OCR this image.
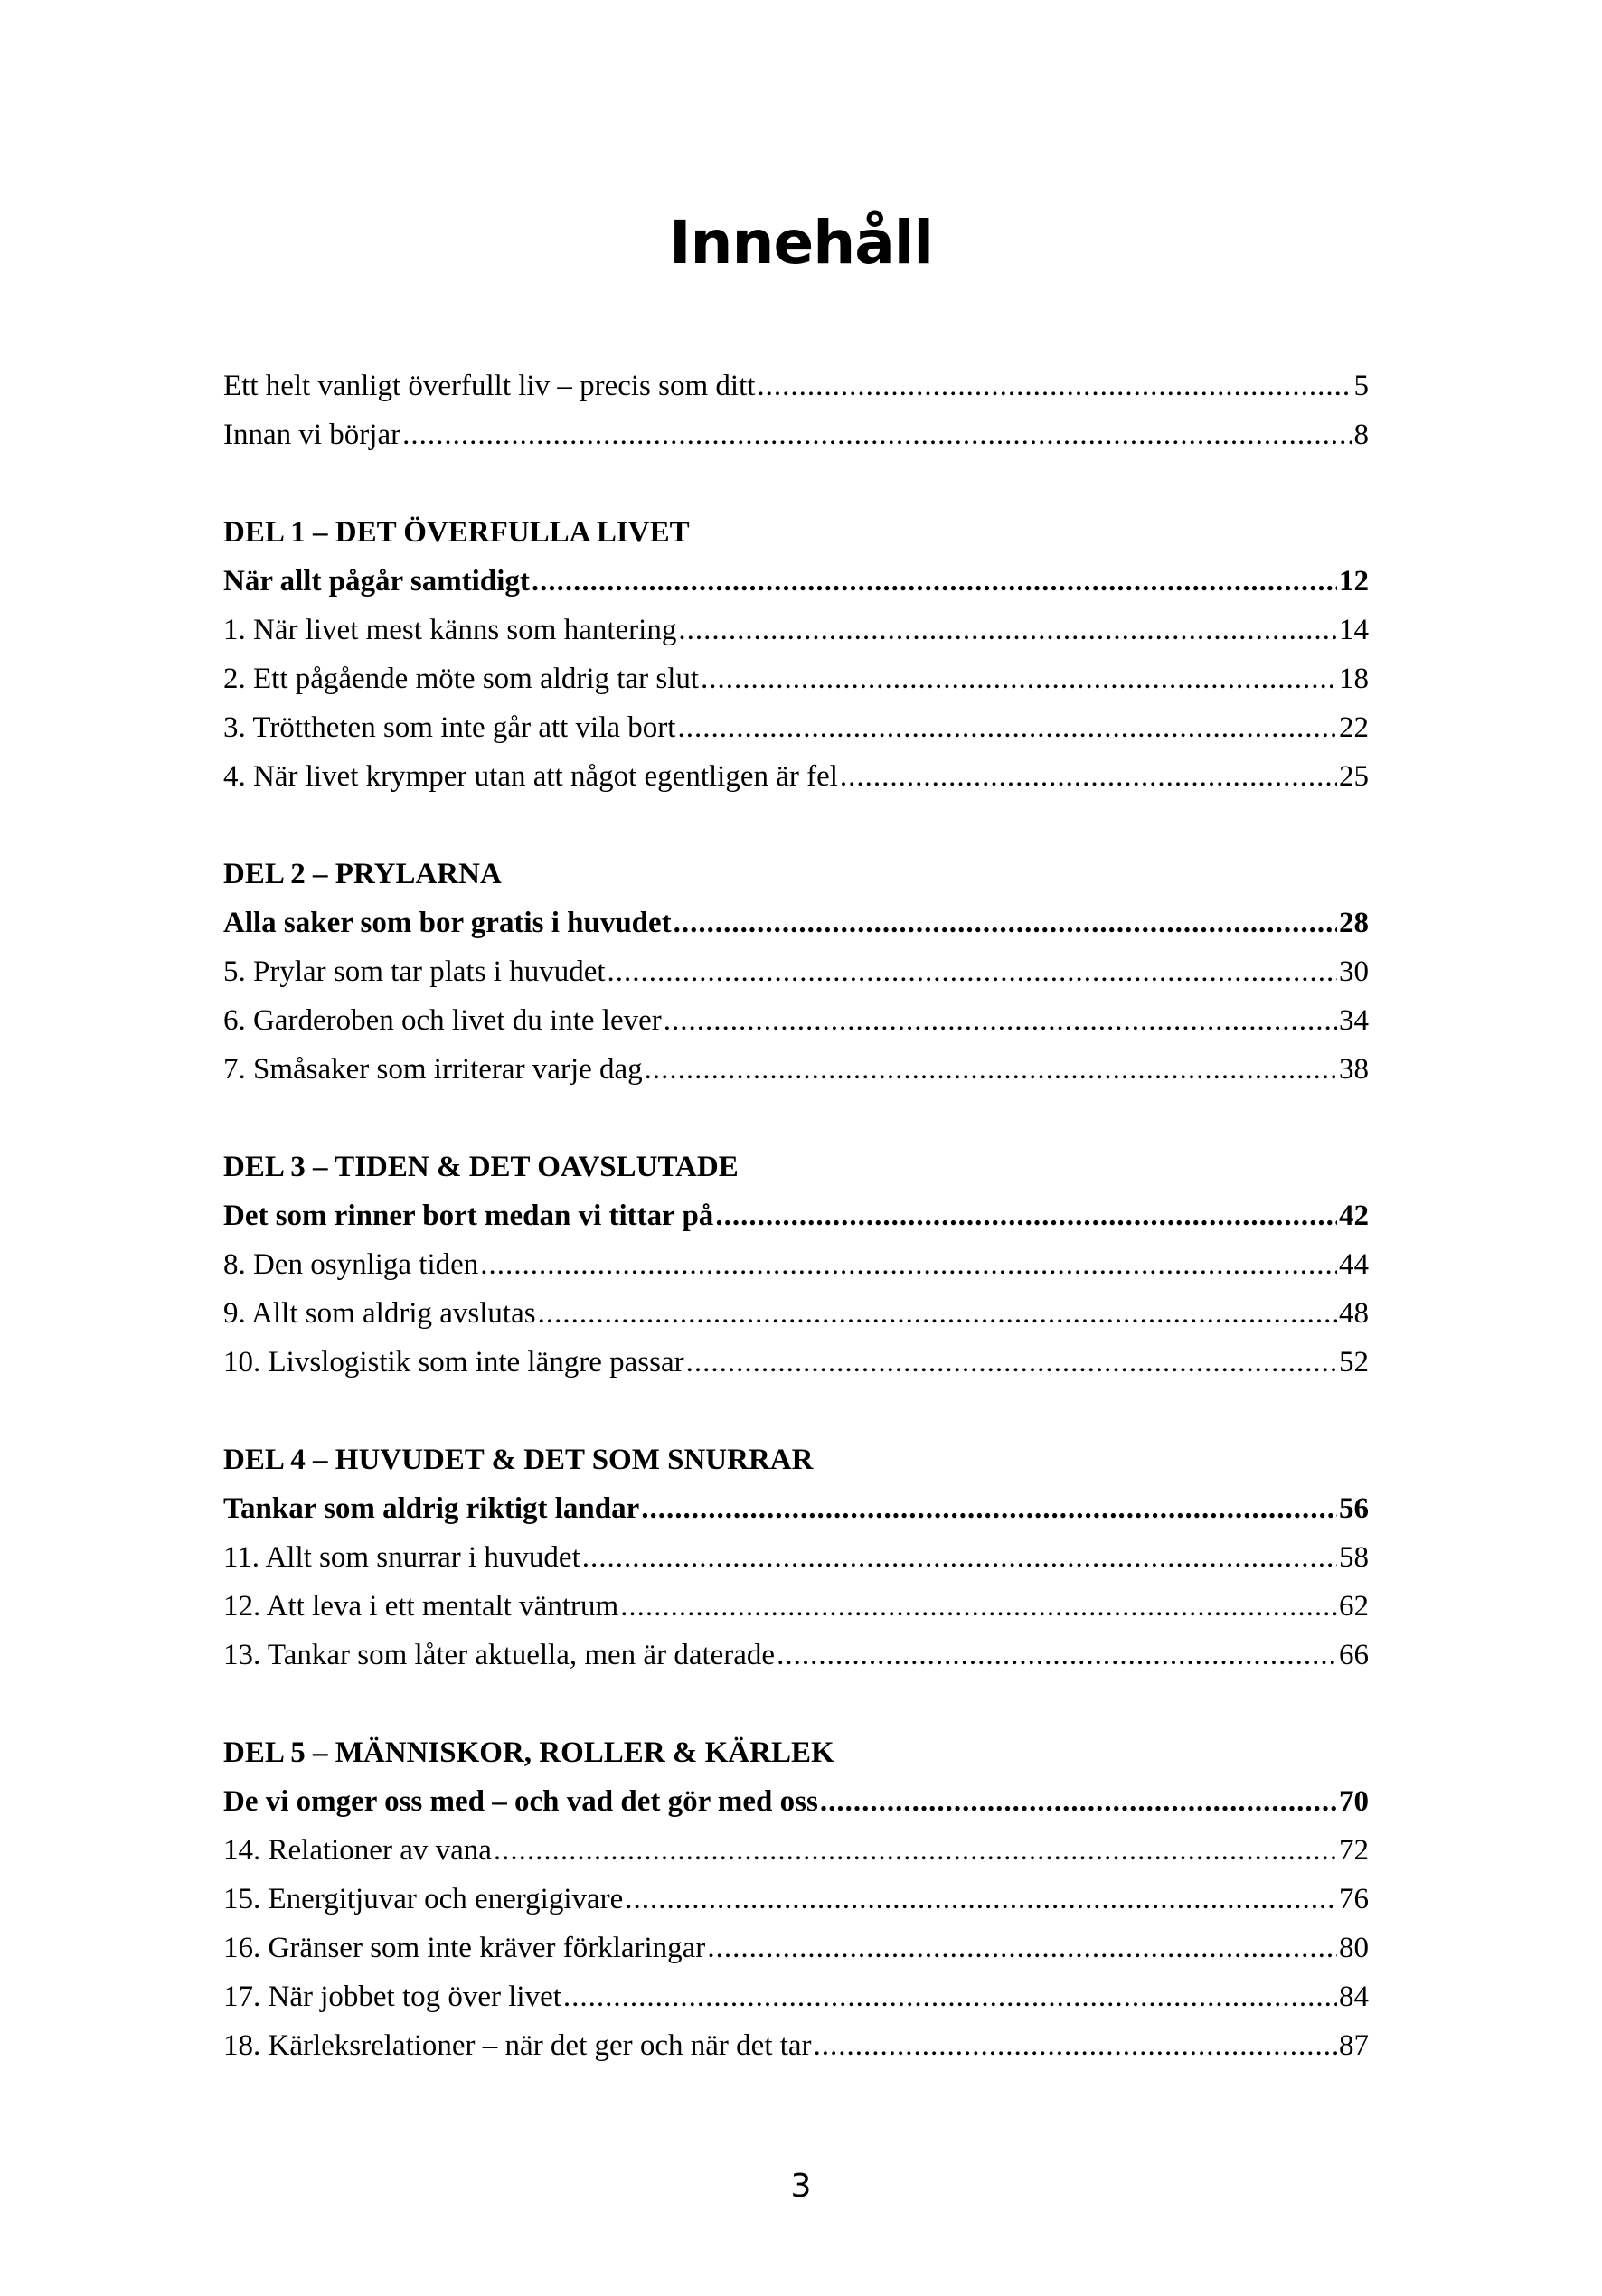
Innehåll
Ett helt vanligt överfullt liv – precis som ditt .....	5
Innan vi börjar .....	8
DEL 1 – DET ÖVERFULLA LIVET
När allt pågår samtidigt .....	12
1. När livet mest känns som hantering .....	14
2. Ett pågående möte som aldrig tar slut .....	18
3. Tröttheten som inte går att vila bort .....	22
4. När livet krymper utan att något egentligen är fel .....	25
DEL 2 – PRYLARNA
Alla saker som bor gratis i huvudet .....	28
5. Prylar som tar plats i huvudet .....	30
6. Garderoben och livet du inte lever .....	34
7. Småsaker som irriterar varje dag .....	38
DEL 3 – TIDEN & DET OAVSLUTADE
Det som rinner bort medan vi tittar på .....	42
8. Den osynliga tiden .....	44
9. Allt som aldrig avslutas .....	48
10. Livslogistik som inte längre passar .....	52
DEL 4 – HUVUDET & DET SOM SNURRAR
Tankar som aldrig riktigt landar .....	56
11. Allt som snurrar i huvudet .....	58
12. Att leva i ett mentalt väntrum .....	62
13. Tankar som låter aktuella, men är daterade .....	66
DEL 5 – MÄNNISKOR, ROLLER & KÄRLEK
De vi omger oss med – och vad det gör med oss .....	70
14. Relationer av vana .....	72
15. Energitjuvar och energigivare .....	76
16. Gränser som inte kräver förklaringar .....	80
17. När jobbet tog över livet .....	84
18. Kärleksrelationer – när det ger och när det tar .....	87
3
